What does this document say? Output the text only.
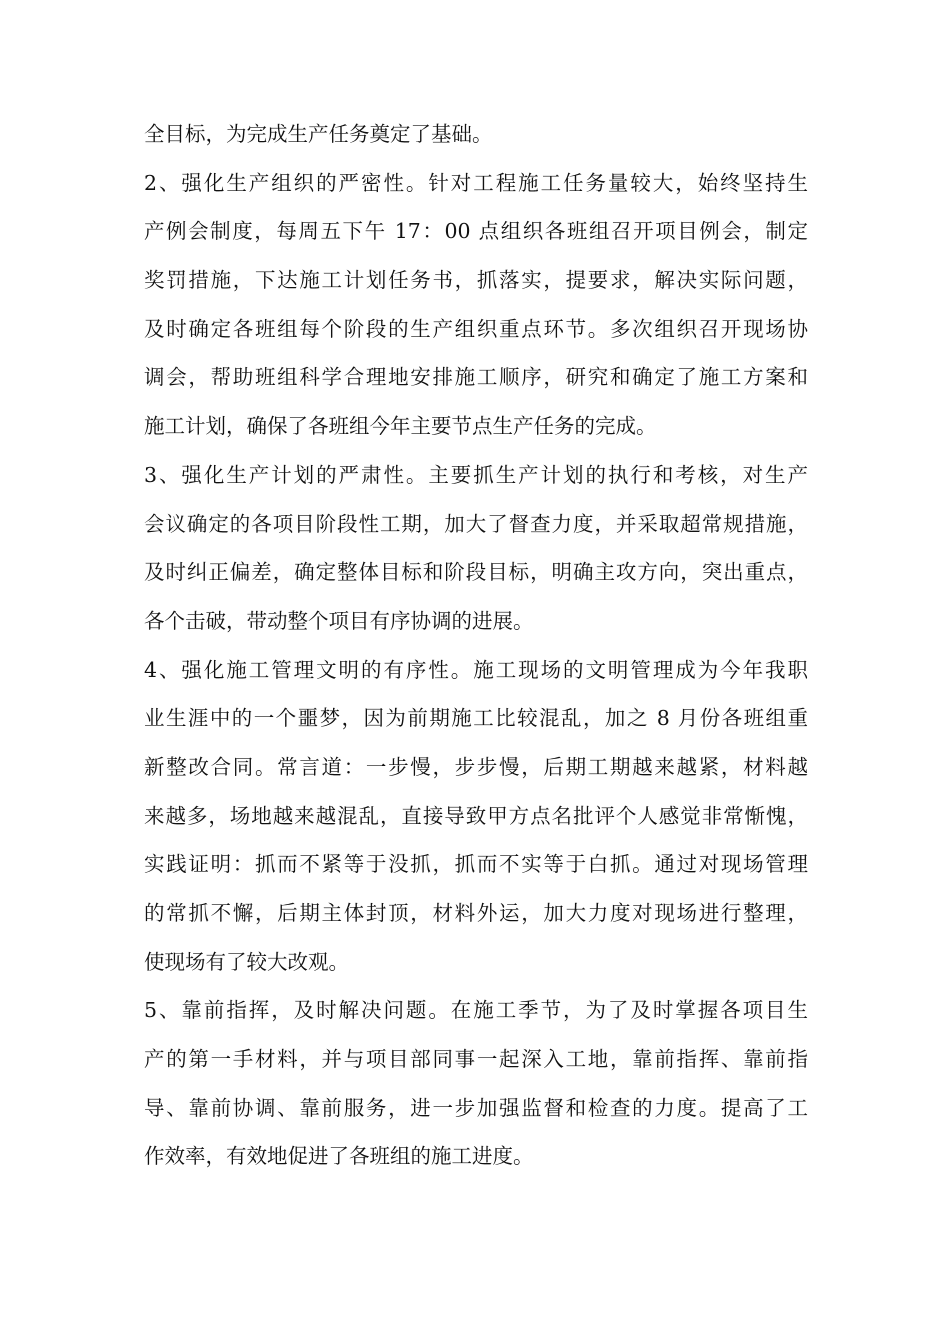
全目标，为完成生产任务奠定了基础。
2、强化生产组织的严密性。针对工程施工任务量较大，始终坚持生
产例会制度，每周五下午 17：00 点组织各班组召开项目例会，制定
奖罚措施，下达施工计划任务书，抓落实，提要求，解决实际问题，
及时确定各班组每个阶段的生产组织重点环节。多次组织召开现场协
调会，帮助班组科学合理地安排施工顺序，研究和确定了施工方案和
施工计划，确保了各班组今年主要节点生产任务的完成。
3、强化生产计划的严肃性。主要抓生产计划的执行和考核，对生产
会议确定的各项目阶段性工期，加大了督查力度，并采取超常规措施，
及时纠正偏差，确定整体目标和阶段目标，明确主攻方向，突出重点，
各个击破，带动整个项目有序协调的进展。
4、强化施工管理文明的有序性。施工现场的文明管理成为今年我职
业生涯中的一个噩梦，因为前期施工比较混乱，加之 8 月份各班组重
新整改合同。常言道：一步慢，步步慢，后期工期越来越紧，材料越
来越多，场地越来越混乱，直接导致甲方点名批评个人感觉非常惭愧，
实践证明：抓而不紧等于没抓，抓而不实等于白抓。通过对现场管理
的常抓不懈，后期主体封顶，材料外运，加大力度对现场进行整理，
使现场有了较大改观。
5、靠前指挥，及时解决问题。在施工季节，为了及时掌握各项目生
产的第一手材料，并与项目部同事一起深入工地，靠前指挥、靠前指
导、靠前协调、靠前服务，进一步加强监督和检查的力度。提高了工
作效率，有效地促进了各班组的施工进度。
